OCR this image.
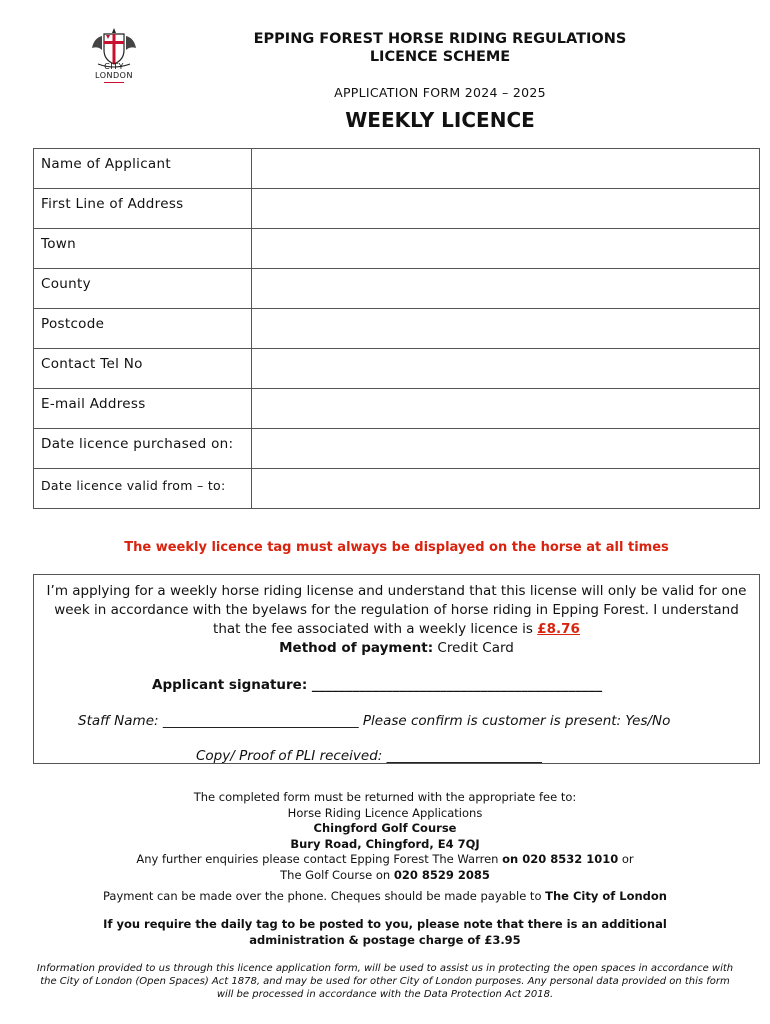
CITY
LONDON
EPPING FOREST HORSE RIDING REGULATIONS
LICENCE SCHEME
APPLICATION FORM 2024 – 2025
WEEKLY LICENCE
Name of Applicant	
First Line of Address	
Town	
County	
Postcode	
Contact Tel No	
E-mail Address	
Date licence purchased on:	
Date licence valid from – to:	
The weekly licence tag must always be displayed on the horse at all times
I’m applying for a weekly horse riding license and understand that this license will only be valid for one week in accordance with the byelaws for the regulation of horse riding in Epping Forest. I understand that the fee associated with a weekly licence is £8.76
Method of payment: Credit Card
Applicant signature: ___________________________________________
Staff Name: _____________________________ Please confirm is customer is present: Yes/No
Copy/ Proof of PLI received: _______________________
The completed form must be returned with the appropriate fee to:
Horse Riding Licence Applications
Chingford Golf Course
Bury Road, Chingford, E4 7QJ
Any further enquiries please contact Epping Forest The Warren on 020 8532 1010 or
The Golf Course on 020 8529 2085
Payment can be made over the phone. Cheques should be made payable to The City of London
If you require the daily tag to be posted to you, please note that there is an additional
administration & postage charge of £3.95
Information provided to us through this licence application form, will be used to assist us in protecting the open spaces in accordance with the City of London (Open Spaces) Act 1878, and may be used for other City of London purposes. Any personal data provided on this form will be processed in accordance with the Data Protection Act 2018.
